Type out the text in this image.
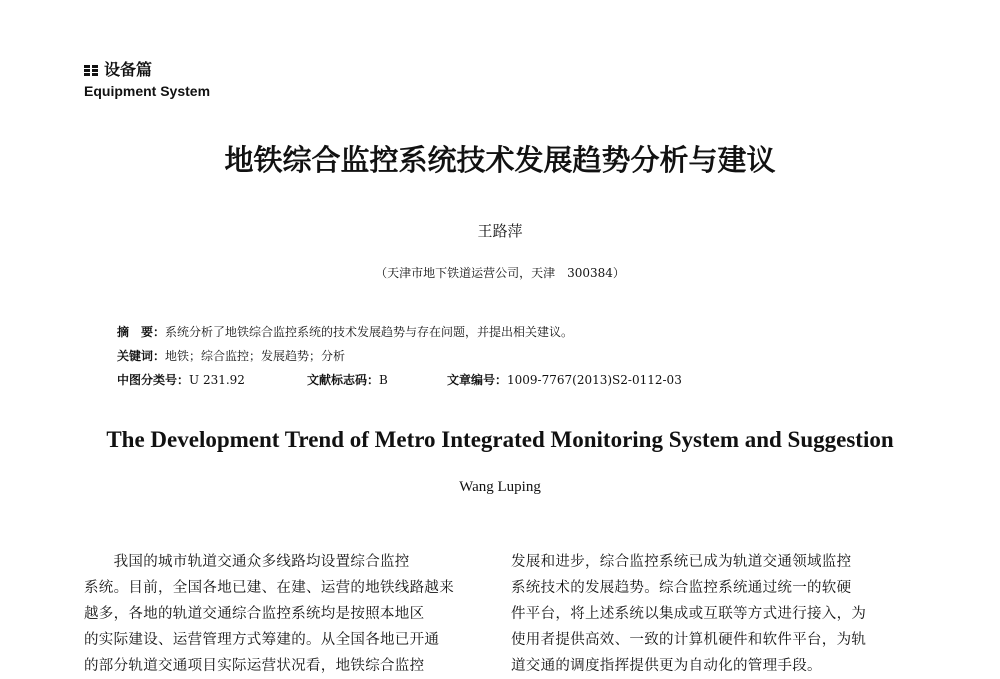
设备篇
Equipment System
地铁综合监控系统技术发展趋势分析与建议
王路萍
（天津市地下铁道运营公司，天津　300384）
摘　要：系统分析了地铁综合监控系统的技术发展趋势与存在问题，并提出相关建议。
关键词：地铁；综合监控；发展趋势；分析
中图分类号：U 231.92	文献标志码：B	文章编号：1009-7767(2013)S2-0112-03
The Development Trend of Metro Integrated Monitoring System and Suggestion
Wang Luping
　　我国的城市轨道交通众多线路均设置综合监控
系统。目前，全国各地已建、在建、运营的地铁线路越来
越多，各地的轨道交通综合监控系统均是按照本地区
的实际建设、运营管理方式筹建的。从全国各地已开通
的部分轨道交通项目实际运营状况看，地铁综合监控
发展和进步，综合监控系统已成为轨道交通领域监控
系统技术的发展趋势。综合监控系统通过统一的软硬
件平台，将上述系统以集成或互联等方式进行接入，为
使用者提供高效、一致的计算机硬件和软件平台，为轨
道交通的调度指挥提供更为自动化的管理手段。
